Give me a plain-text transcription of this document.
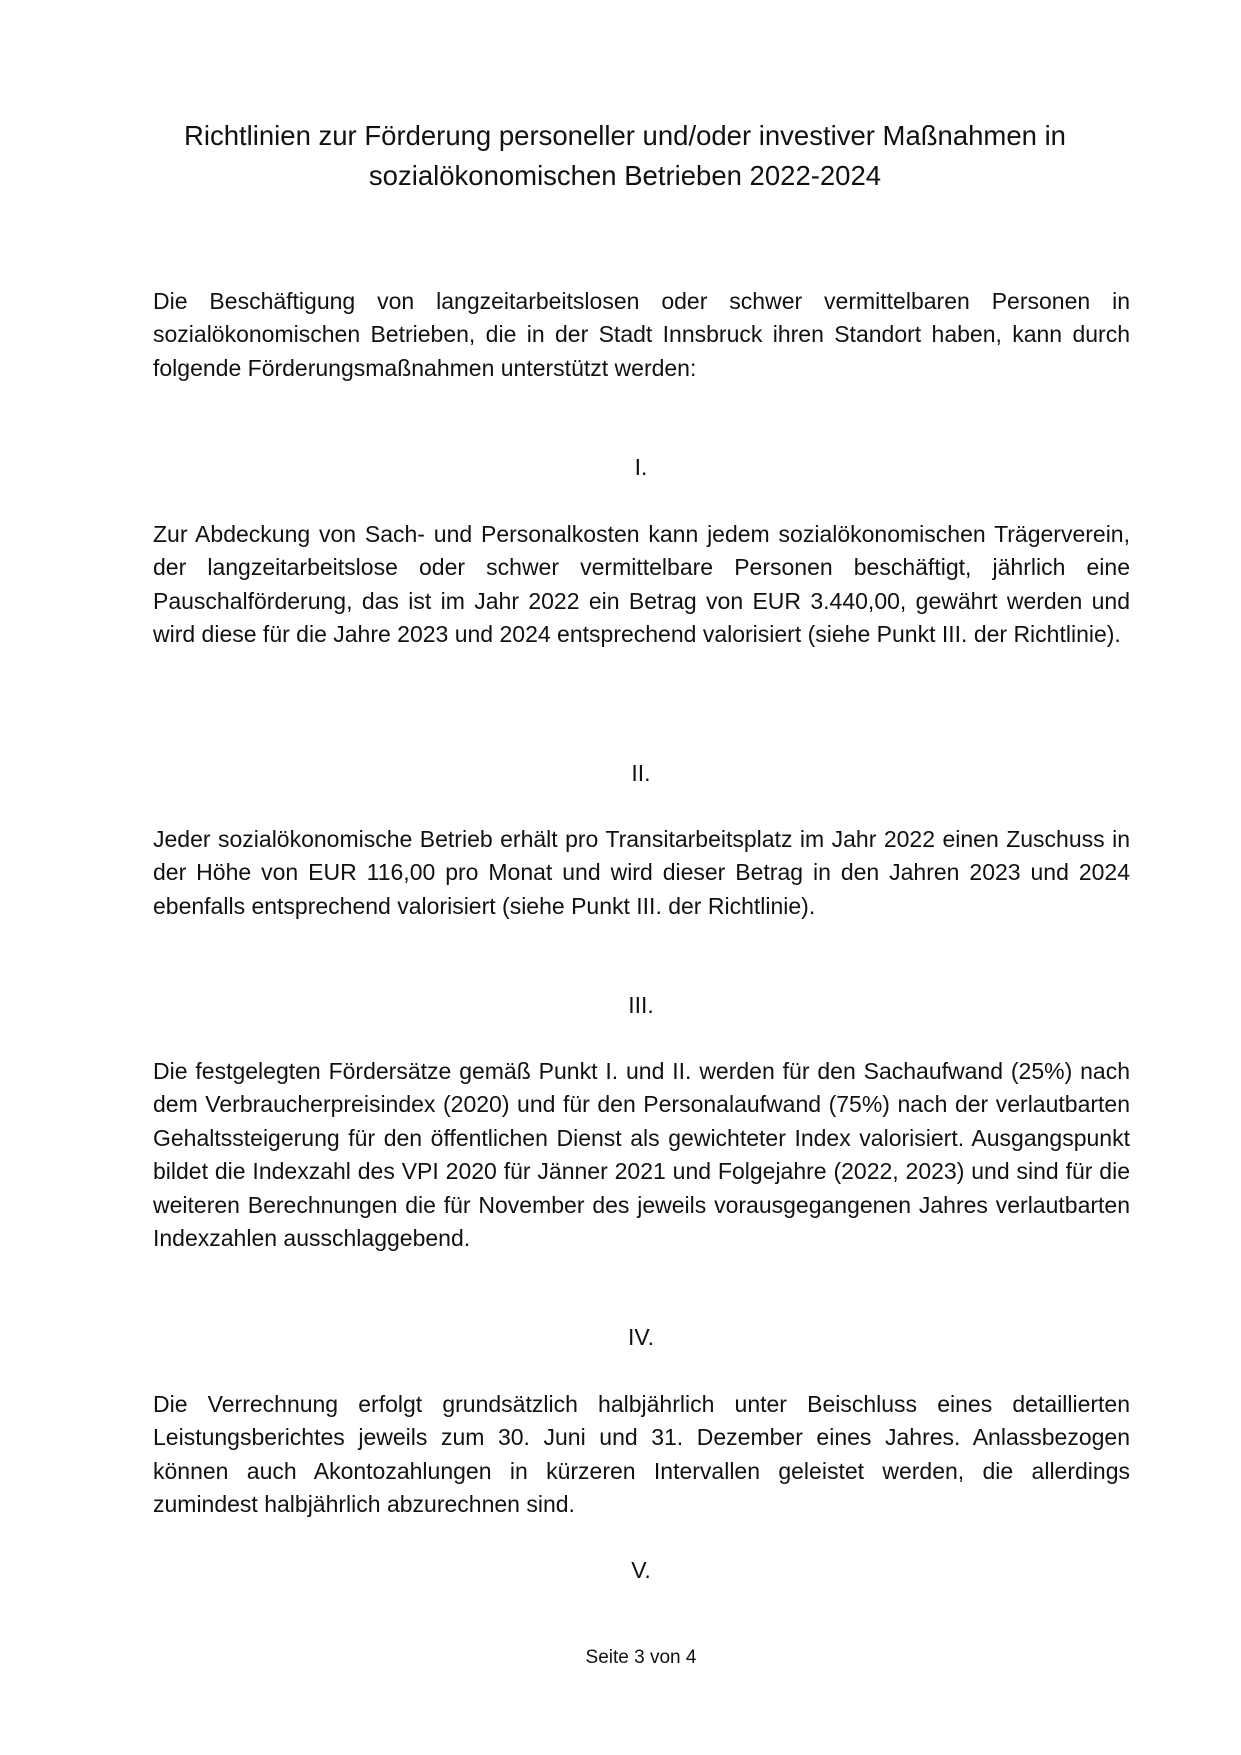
Richtlinien zur Förderung personeller und/oder investiver Maßnahmen in
sozialökonomischen Betrieben 2022-2024

Die Beschäftigung von langzeitarbeitslosen oder schwer vermittelbaren Personen in sozialökonomischen Betrieben, die in der Stadt Innsbruck ihren Standort haben, kann durch folgende Förderungsmaßnahmen unterstützt werden:

I.

Zur Abdeckung von Sach- und Personalkosten kann jedem sozialökonomischen Trägerverein, der langzeitarbeitslose oder schwer vermittelbare Personen beschäftigt, jährlich eine Pauschalförderung, das ist im Jahr 2022 ein Betrag von EUR 3.440,00, gewährt werden und wird diese für die Jahre 2023 und 2024 entsprechend valorisiert (siehe Punkt III. der Richtlinie).

II.

Jeder sozialökonomische Betrieb erhält pro Transitarbeitsplatz im Jahr 2022 einen Zuschuss in der Höhe von EUR 116,00 pro Monat und wird dieser Betrag in den Jahren 2023 und 2024 ebenfalls entsprechend valorisiert (siehe Punkt III. der Richtlinie).

III.

Die festgelegten Fördersätze gemäß Punkt I. und II. werden für den Sachaufwand (25%) nach dem Verbraucherpreisindex (2020) und für den Personalaufwand (75%) nach der verlautbarten Gehaltssteigerung für den öffentlichen Dienst als gewichteter Index valorisiert. Ausgangspunkt bildet die Indexzahl des VPI 2020 für Jänner 2021 und Folgejahre (2022, 2023) und sind für die weiteren Berechnungen die für November des jeweils vorausgegangenen Jahres verlautbarten Indexzahlen ausschlaggebend.

IV.

Die Verrechnung erfolgt grundsätzlich halbjährlich unter Beischluss eines detaillierten Leistungsberichtes jeweils zum 30. Juni und 31. Dezember eines Jahres. Anlassbezogen können auch Akontozahlungen in kürzeren Intervallen geleistet werden, die allerdings zumindest halbjährlich abzurechnen sind.

V.

Seite 3 von 4
